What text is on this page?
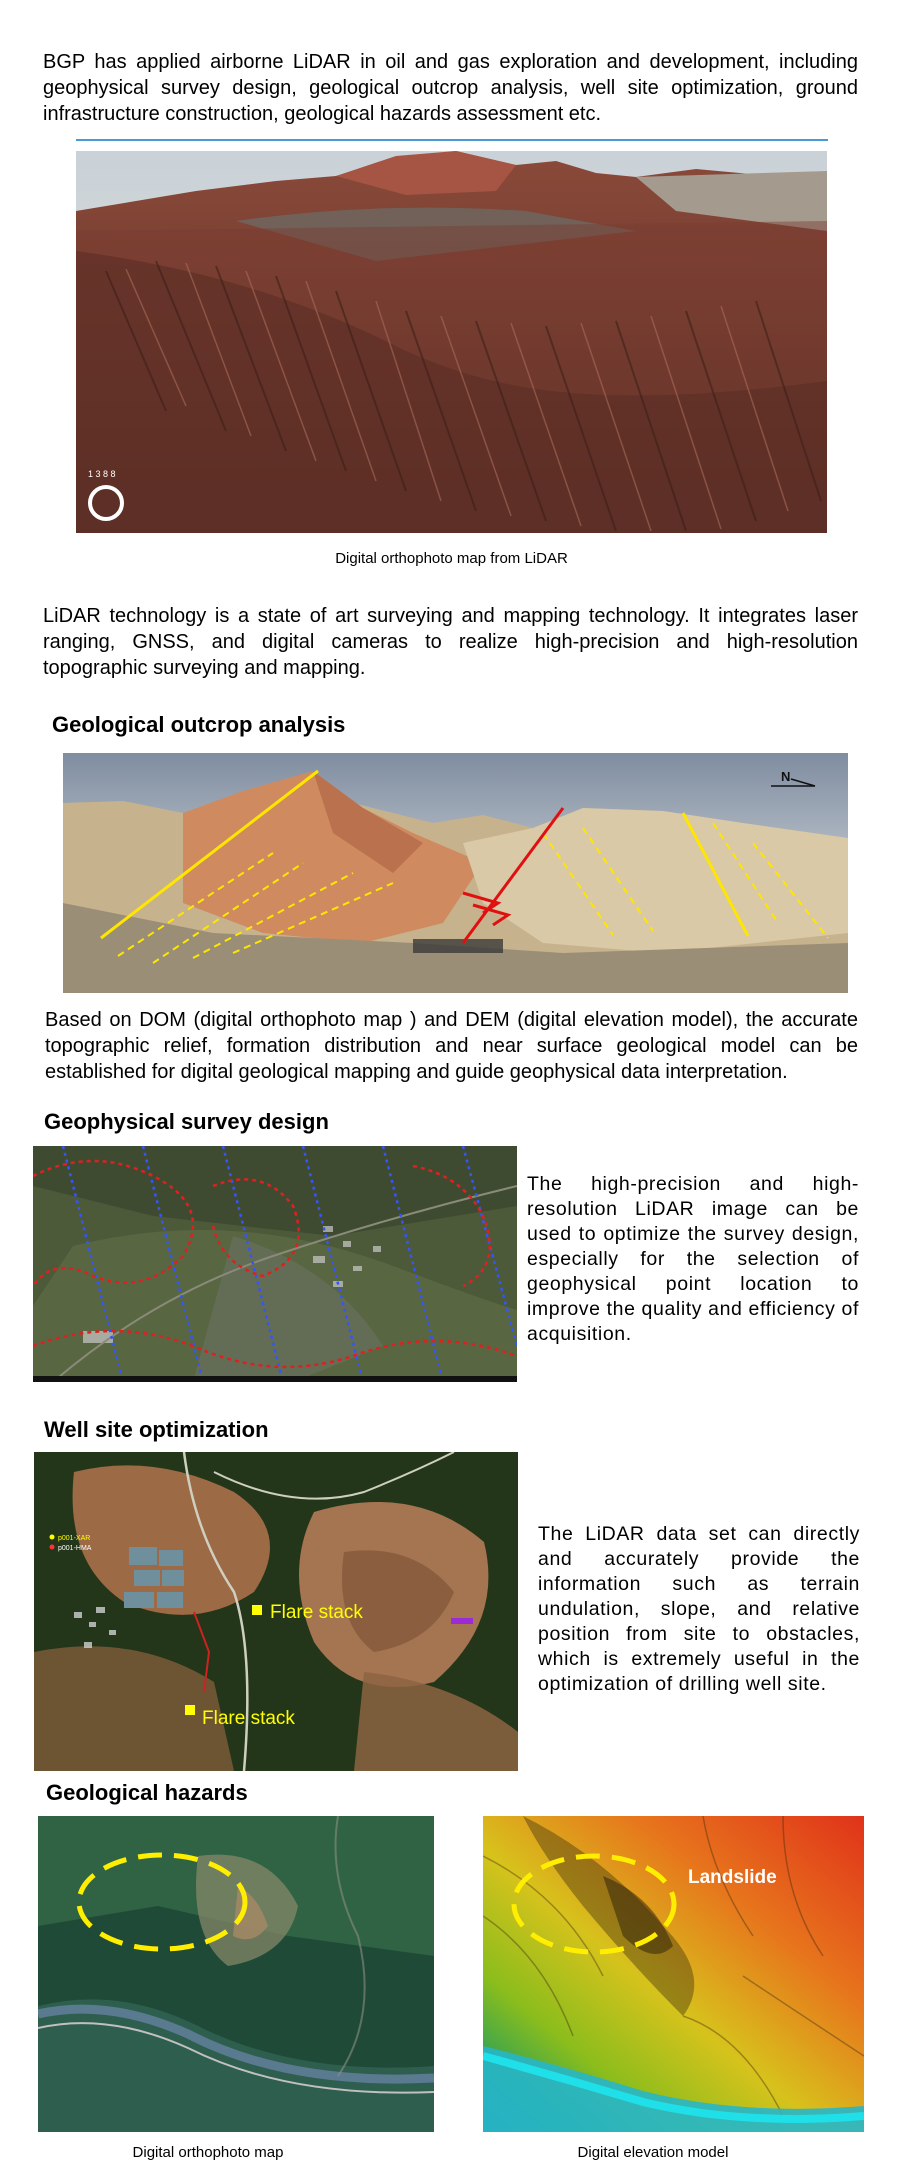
BGP has applied airborne LiDAR in oil and gas exploration and development, including geophysical survey design, geological outcrop analysis, well site optimization, ground infrastructure construction, geological hazards assessment etc.

1 3 8 8

Digital orthophoto map from LiDAR

LiDAR technology is a state of art surveying and mapping technology. It integrates laser ranging, GNSS, and digital cameras to realize high-precision and high-resolution topographic surveying and mapping.

Geological outcrop analysis
N

Based on DOM (digital orthophoto map ) and DEM (digital elevation model), the accurate topographic relief, formation distribution and near surface geological model can be established for digital geological mapping and guide geophysical data interpretation.

Geophysical survey design

The high-precision and high-resolution LiDAR image can be used to optimize the survey design, especially for the selection of geophysical point location to improve the quality and efficiency of acquisition.

Well site optimization
p001-XAR
p001-HMA
Flare stack
Flare stack

The LiDAR data set can directly and accurately provide the information such as terrain undulation, slope, and relative position from site to obstacles, which is extremely useful in the optimization of drilling well site.

Geological hazards
Landslide

Digital orthophoto map	Digital elevation model
